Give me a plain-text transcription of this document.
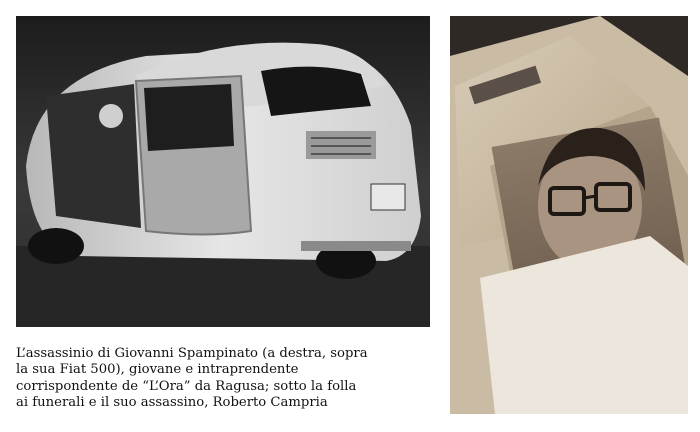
L’assassinio di Giovanni Spampinato (a destra, sopra
la sua Fiat 500), giovane e intraprendente
corrispondente de “L’Ora” da Ragusa; sotto la folla
ai funerali e il suo assassino, Roberto Campria
